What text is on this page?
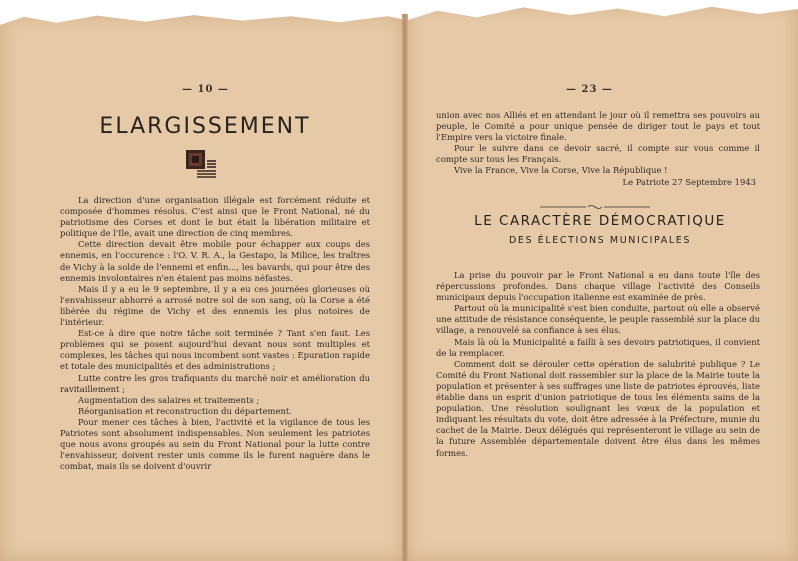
— 10 —
ELARGISSEMENT

La direction d'une organisation illégale est forcément réduite et composée d'hommes résolus. C'est ainsi que le Front National, né du patriotisme des Corses et dont le but était la libération militaire et politique de l'Ile, avait une direction de cinq membres.

Cette direction devait être mobile pour échapper aux coups des ennemis, en l'occurence : l'O. V. R. A., la Gestapo, la Milice, les traîtres de Vichy à la solde de l'ennemi et enfin..., les bavards, qui pour être des ennemis involontaires n'en étaient pas moins néfastes.

Mais il y a eu le 9 septembre, il y a eu ces journées glorieuses où l'envahisseur abhorré a arrosé notre sol de son sang, où la Corse a été libérée du régime de Vichy et des ennemis les plus notoires de l'intérieur.

Est-ce à dire que notre tâche soit terminée ? Tant s'en faut. Les problèmes qui se posent aujourd'hui devant nous sont multiples et complexes, les tâches qui nous incombent sont vastes : Epuration rapide et totale des municipalités et des administrations ;

Lutte contre les gros trafiquants du marché noir et amélioration du ravitaillement ;

Augmentation des salaires et traitements ;

Réorganisation et reconstruction du département.

Pour mener ces tâches à bien, l'activité et la vigilance de tous les Patriotes sont absolument indispensables. Non seulement les patriotes que nous avons groupés au sein du Front National pour la lutte contre l'envahisseur, doivent rester unis comme ils le furent naguère dans le combat, mais ils se doivent d'ouvrir

— 23 —

union avec nos Alliés et en attendant le jour où il remettra ses pouvoirs au peuple, le Comité a pour unique pensée de diriger tout le pays et tout l'Empire vers la victoire finale.

Pour le suivre dans ce devoir sacré, il compte sur vous comme il compte sur tous les Français.

Vive la France, Vive la Corse, Vive la République !

Le Patriote 27 Septembre 1943

LE CARACTÈRE DÉMOCRATIQUE
DES ÉLECTIONS MUNICIPALES

La prise du pouvoir par le Front National a eu dans toute l'île des répercussions profondes. Dans chaque village l'activité des Conseils municipaux depuis l'occupation italienne est examinée de près.

Partout où la municipalité s'est bien conduite, partout où elle a observé une attitude de résistance conséquente, le peuple rassemblé sur la place du village, a renouvelé sa confiance à ses élus.

Mais là où la Municipalité a failli à ses devoirs patriotiques, il convient de la remplacer.

Comment doit se dérouler cette opération de salubrité publique ? Le Comité du Front National doit rassembler sur la place de la Mairie toute la population et présenter à ses suffrages une liste de patriotes éprouvés, liste établie dans un esprit d'union patriotique de tous les éléments sains de la population. Une résolution soulignant les vœux de la population et indiquant les résultats du vote, doit être adressée à la Préfecture, munie du cachet de la Mairie. Deux délégués qui représenteront le village au sein de la future Assemblée départementale doivent être élus dans les mêmes formes.
